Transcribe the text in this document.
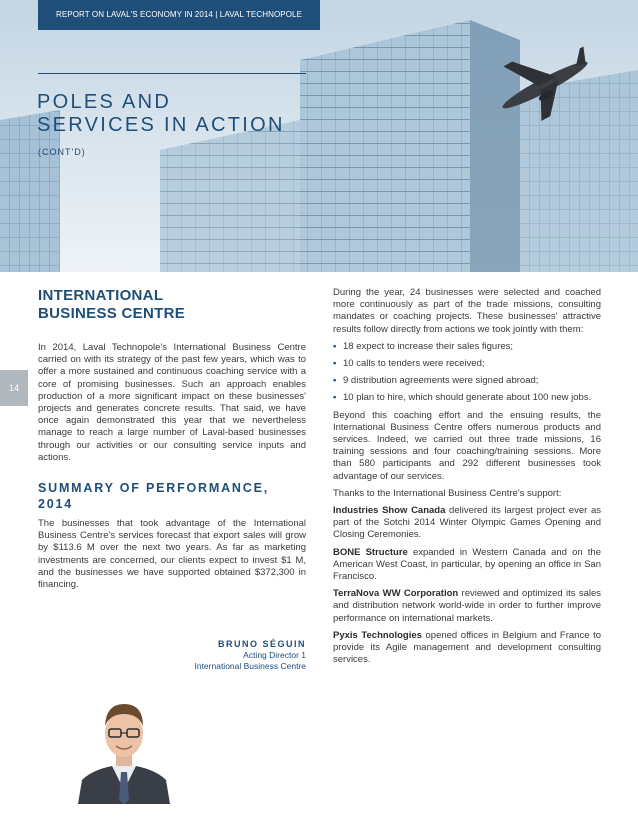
REPORT ON LAVAL'S ECONOMY IN 2014 | LAVAL TECHNOPOLE
POLES AND
SERVICES IN ACTION
(CONT'D)
14
INTERNATIONAL
BUSINESS CENTRE

In 2014, Laval Technopole's International Business Centre carried on with its strategy of the past few years, which was to offer a more sustained and continuous coaching service with a core of promising businesses. Such an approach enables production of a more significant impact on these businesses' projects and generates concrete results. That said, we have once again demonstrated this year that we nevertheless manage to reach a large number of Laval-based businesses through our activities or our consulting service inputs and actions.

SUMMARY OF PERFORMANCE,
2014

The businesses that took advantage of the International Business Centre's services forecast that export sales will grow by $113.6 M over the next two years. As far as marketing investments are concerned, our clients expect to invest $1 M, and the businesses we have supported obtained $372,300 in financing.

BRUNO SÉGUIN
Acting Director 1
International Business Centre

During the year, 24 businesses were selected and coached more continuously as part of the trade missions, consulting mandates or coaching projects. These businesses' attractive results follow directly from actions we took jointly with them:

• 18 expect to increase their sales figures;
• 10 calls to tenders were received;
• 9 distribution agreements were signed abroad;
• 10 plan to hire, which should generate about 100 new jobs.

Beyond this coaching effort and the ensuing results, the International Business Centre offers numerous products and services. Indeed, we carried out three trade missions, 16 training sessions and four coaching/training sessions. More than 580 participants and 292 different businesses took advantage of our services.

Thanks to the International Business Centre's support:

Industries Show Canada delivered its largest project ever as part of the Sotchi 2014 Winter Olympic Games Opening and Closing Ceremonies.

BONE Structure expanded in Western Canada and on the American West Coast, in particular, by opening an office in San Francisco.

TerraNova WW Corporation reviewed and optimized its sales and distribution network world-wide in order to further improve performance on international markets.

Pyxis Technologies opened offices in Belgium and France to provide its Agile management and development consulting services.
